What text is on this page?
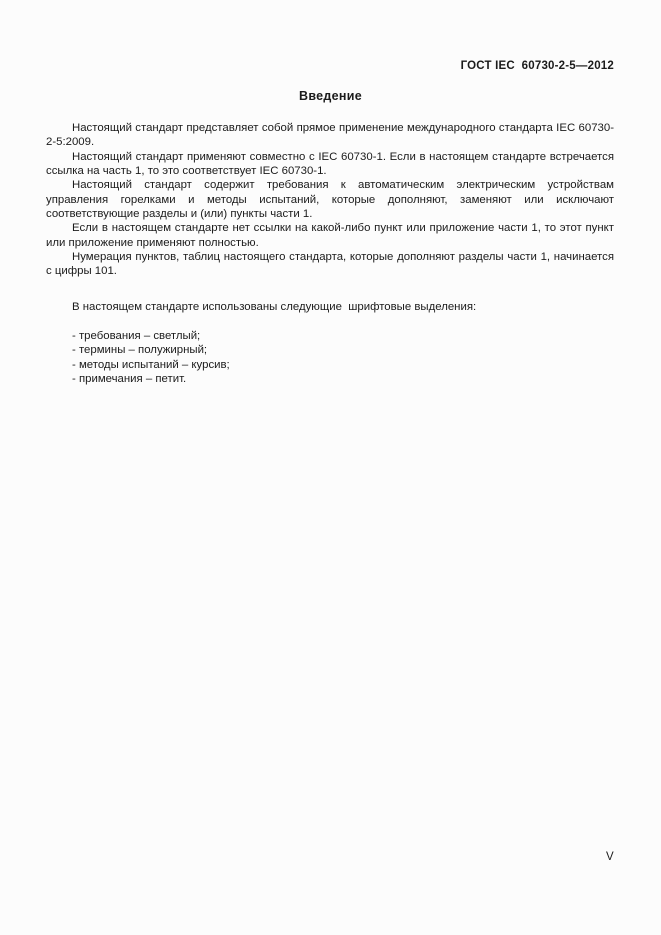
ГОСТ IEC  60730-2-5—2012
Введение

Настоящий стандарт представляет собой прямое применение международного стандарта IEC 60730-2-5:2009.

Настоящий стандарт применяют совместно с IEC 60730-1. Если в настоящем стандарте встречается ссылка на часть 1, то это соответствует IEC 60730-1.

Настоящий стандарт содержит требования к автоматическим электрическим устройствам управления горелками и методы испытаний, которые дополняют, заменяют или исключают соответствующие разделы и (или) пункты части 1.

Если в настоящем стандарте нет ссылки на какой-либо пункт или приложение части 1, то этот пункт или приложение применяют полностью.

Нумерация пунктов, таблиц настоящего стандарта, которые дополняют разделы части 1, начинается с цифры 101.

В настоящем стандарте использованы следующие  шрифтовые выделения:

- требования – светлый;
- термины – полужирный;
- методы испытаний – курсив;
- примечания – петит.
V
